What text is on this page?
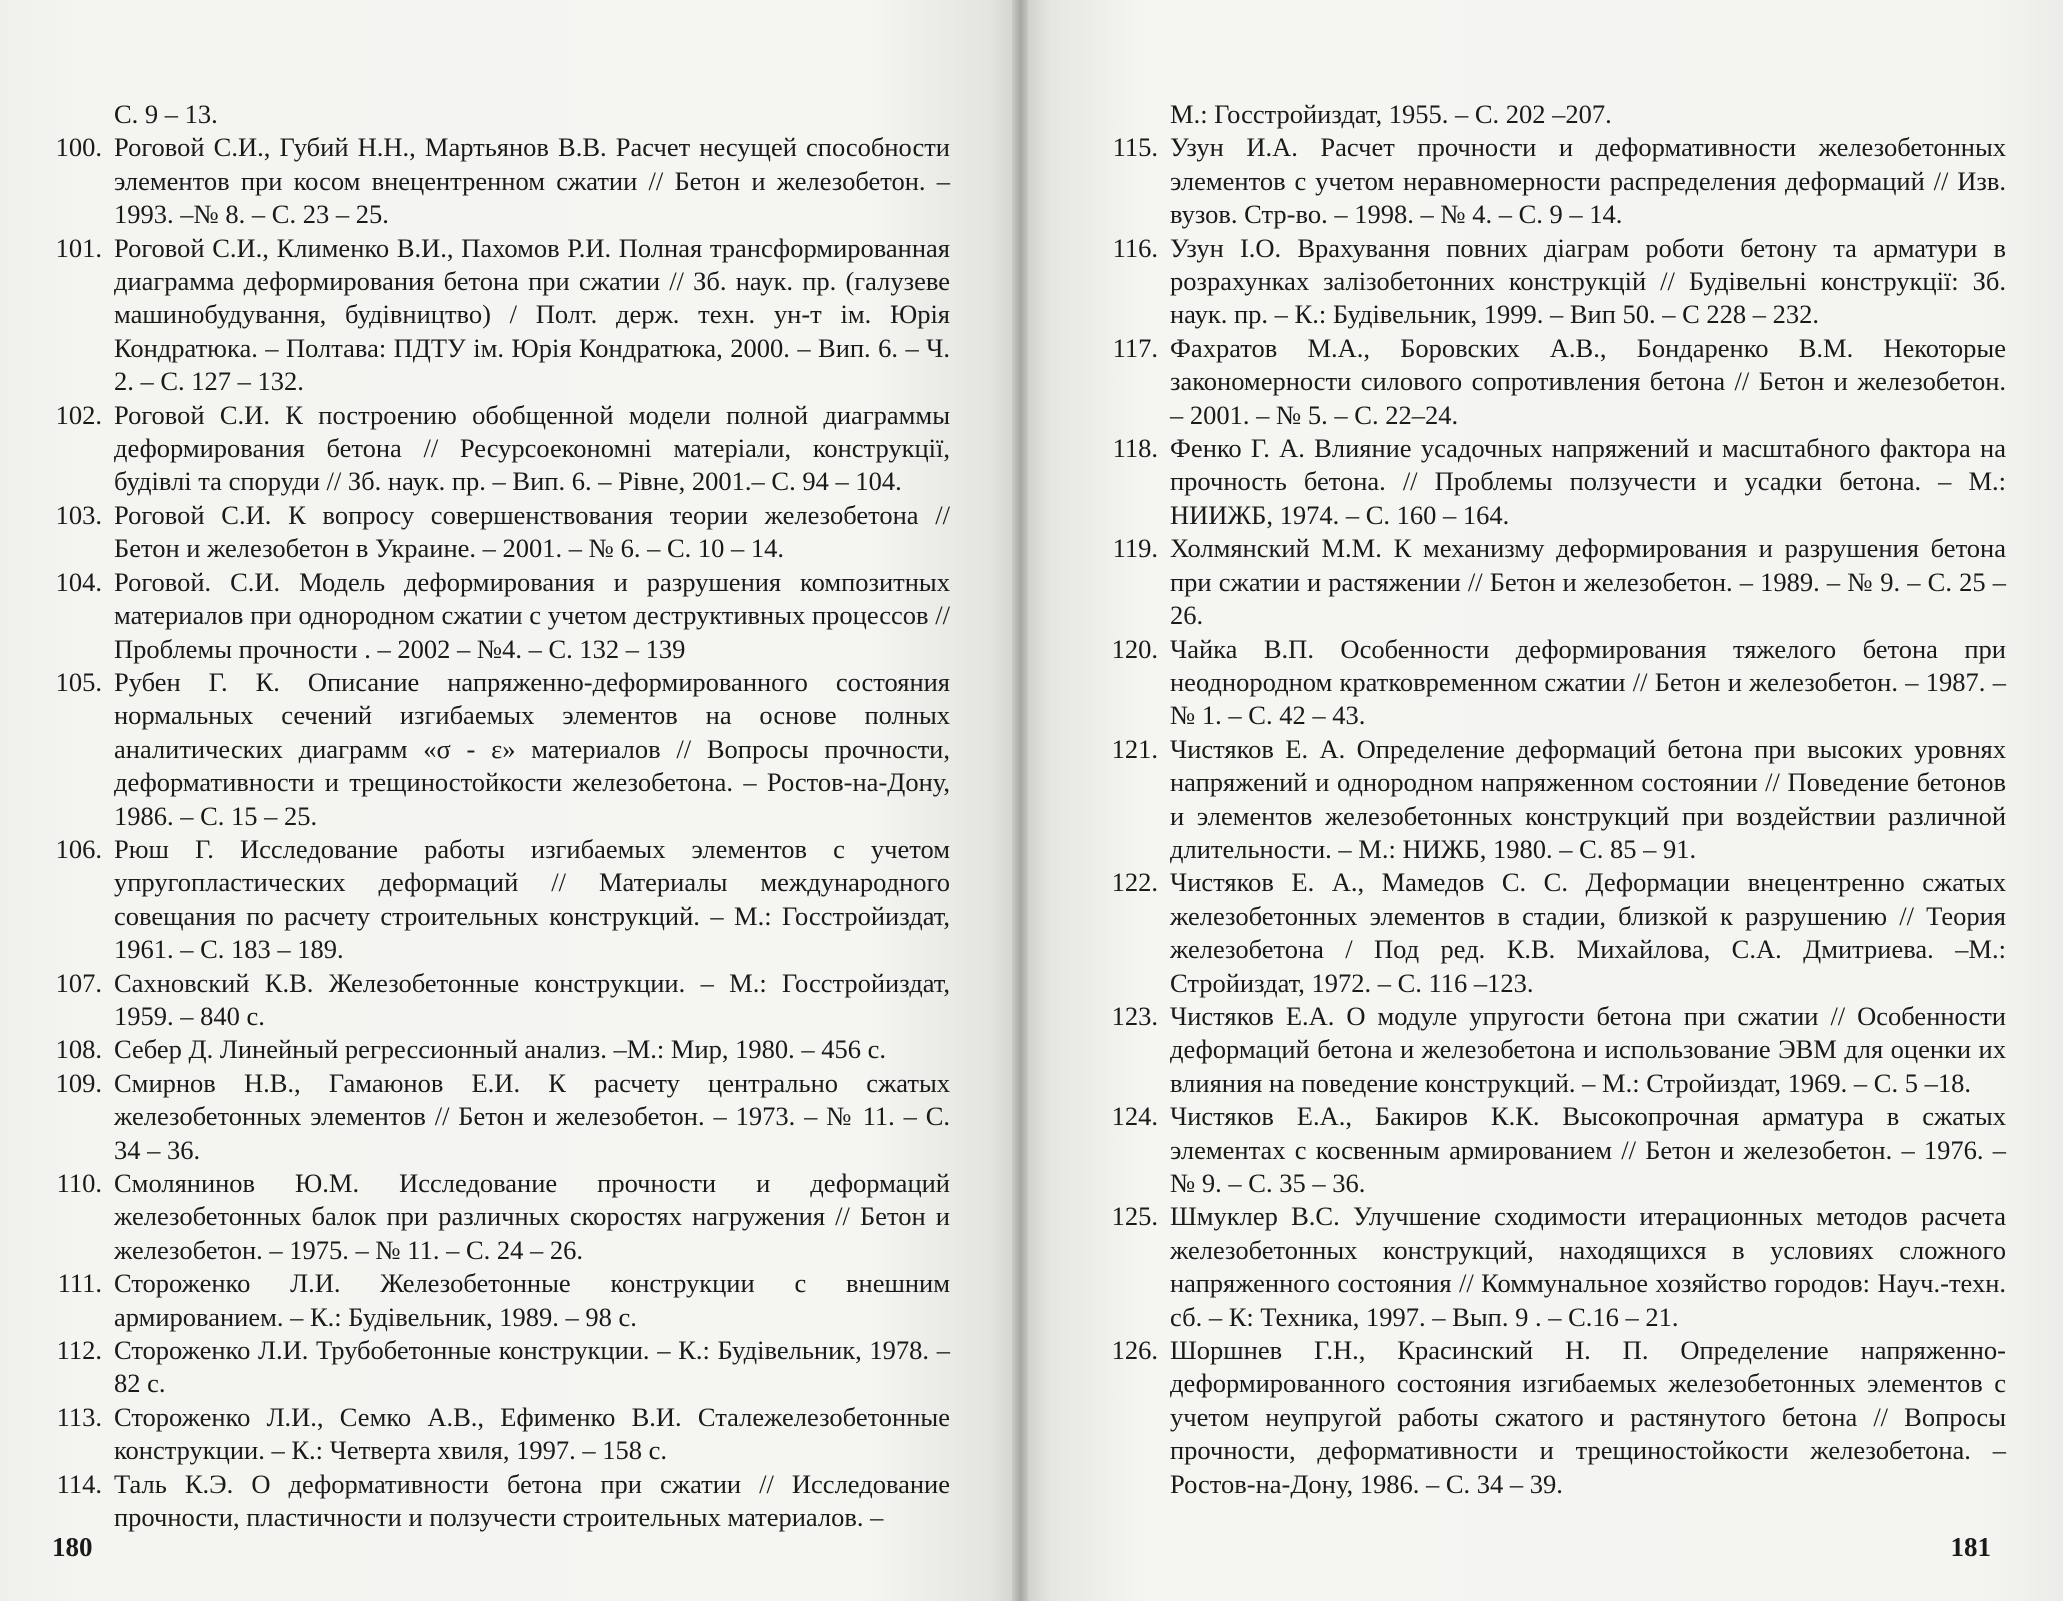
С. 9 – 13.
100. Роговой С.И., Губий Н.Н., Мартьянов В.В. Расчет несущей способности элементов при косом внецентренном сжатии // Бетон и железобетон. – 1993. –№ 8. – С. 23 – 25.
101. Роговой С.И., Клименко В.И., Пахомов Р.И. Полная трансформированная диаграмма деформирования бетона при сжатии // Зб. наук. пр. (галузеве машинобудування, будівництво) / Полт. держ. техн. ун-т ім. Юрія Кондратюка. – Полтава: ПДТУ ім. Юрія Кондратюка, 2000. – Вип. 6. – Ч. 2. – С. 127 – 132.
102. Роговой С.И. К построению обобщенной модели полной диаграммы деформирования бетона // Ресурсоекономні матеріали, конструкції, будівлі та споруди // Зб. наук. пр. – Вип. 6. – Рівне, 2001.– С. 94 – 104.
103. Роговой С.И. К вопросу совершенствования теории железобетона // Бетон и железобетон в Украине. – 2001. – № 6. – С. 10 – 14.
104. Роговой. С.И. Модель деформирования и разрушения композитных материалов при однородном сжатии с учетом деструктивных процессов // Проблемы прочности . – 2002 – №4. – С. 132 – 139
105. Рубен Г. К. Описание напряженно-деформированного состояния нормальных сечений изгибаемых элементов на основе полных аналитических диаграмм «σ - ε» материалов // Вопросы прочности, деформативности и трещиностойкости железобетона. – Ростов-на-Дону, 1986. – С. 15 – 25.
106. Рюш Г. Исследование работы изгибаемых элементов с учетом упругопластических деформаций // Материалы международного совещания по расчету строительных конструкций. – М.: Госстройиздат, 1961. – С. 183 – 189.
107. Сахновский К.В. Железобетонные конструкции. – М.: Госстройиздат, 1959. – 840 с.
108. Себер Д. Линейный регрессионный анализ. –М.: Мир, 1980. – 456 с.
109. Смирнов Н.В., Гамаюнов Е.И. К расчету центрально сжатых железобетонных элементов // Бетон и железобетон. – 1973. – № 11. – С. 34 – 36.
110. Смолянинов Ю.М. Исследование прочности и деформаций железобетонных балок при различных скоростях нагружения // Бетон и железобетон. – 1975. – № 11. – С. 24 – 26.
111. Стороженко Л.И. Железобетонные конструкции с внешним армированием. – К.: Будівельник, 1989. – 98 с.
112. Стороженко Л.И. Трубобетонные конструкции. – К.: Будівельник, 1978. – 82 с.
113. Стороженко Л.И., Семко А.В., Ефименко В.И. Сталежелезобетонные конструкции. – К.: Четверта хвиля, 1997. – 158 с.
114. Таль К.Э. О деформативности бетона при сжатии // Исследование прочности, пластичности и ползучести строительных материалов. –
180
М.: Госстройиздат, 1955. – С. 202 –207.
115. Узун И.А. Расчет прочности и деформативности железобетонных элементов с учетом неравномерности распределения деформаций // Изв. вузов. Стр-во. – 1998. – № 4. – С. 9 – 14.
116. Узун І.О. Врахування повних діаграм роботи бетону та арматури в розрахунках залізобетонних конструкцій // Будівельні конструкції: Зб. наук. пр. – К.: Будівельник, 1999. – Вип 50. – С 228 – 232.
117. Фахратов М.А., Боровских А.В., Бондаренко В.М. Некоторые закономерности силового сопротивления бетона // Бетон и железобетон. – 2001. – № 5. – С. 22–24.
118. Фенко Г. А. Влияние усадочных напряжений и масштабного фактора на прочность бетона. // Проблемы ползучести и усадки бетона. – М.: НИИЖБ, 1974. – С. 160 – 164.
119. Холмянский М.М. К механизму деформирования и разрушения бетона при сжатии и растяжении // Бетон и железобетон. – 1989. – № 9. – С. 25 – 26.
120. Чайка В.П. Особенности деформирования тяжелого бетона при неоднородном кратковременном сжатии // Бетон и железобетон. – 1987. – № 1. – С. 42 – 43.
121. Чистяков Е. А. Определение деформаций бетона при высоких уровнях напряжений и однородном напряженном состоянии // Поведение бетонов и элементов железобетонных конструкций при воздействии различной длительности. – М.: НИЖБ, 1980. – С. 85 – 91.
122. Чистяков Е. А., Мамедов С. С. Деформации внецентренно сжатых железобетонных элементов в стадии, близкой к разрушению // Теория железобетона / Под ред. К.В. Михайлова, С.А. Дмитриева. –М.: Стройиздат, 1972. – С. 116 –123.
123. Чистяков Е.А. О модуле упругости бетона при сжатии // Особенности деформаций бетона и железобетона и использование ЭВМ для оценки их влияния на поведение конструкций. – М.: Стройиздат, 1969. – С. 5 –18.
124. Чистяков Е.А., Бакиров К.К. Высокопрочная арматура в сжатых элементах с косвенным армированием // Бетон и железобетон. – 1976. – № 9. – С. 35 – 36.
125. Шмуклер В.С. Улучшение сходимости итерационных методов расчета железобетонных конструкций, находящихся в условиях сложного напряженного состояния // Коммунальное хозяйство городов: Науч.-техн. сб. – К: Техника, 1997. – Вып. 9 . – С.16 – 21.
126. Шоршнев Г.Н., Красинский Н. П. Определение напряженно-деформированного состояния изгибаемых железобетонных элементов с учетом неупругой работы сжатого и растянутого бетона // Вопросы прочности, деформативности и трещиностойкости железобетона. – Ростов-на-Дону, 1986. – С. 34 – 39.
181
